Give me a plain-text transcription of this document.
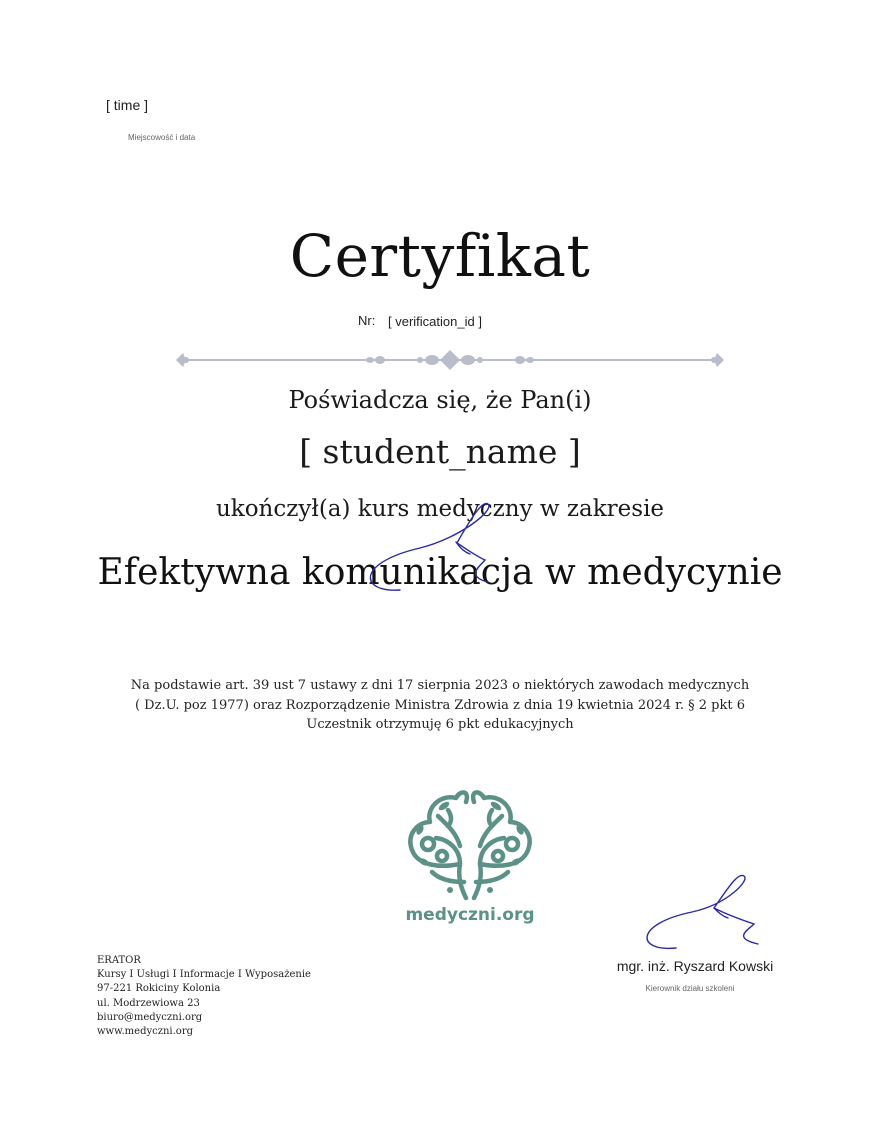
[ time ]
Miejscowość i data
Certyfikat
Nr: [ verification_id ]
Poświadcza się, że Pan(i)
[ student_name ]
ukończył(a) kurs medyczny w zakresie
Efektywna komunikacja w medycynie
Na podstawie art. 39 ust 7 ustawy z dni 17 sierpnia 2023 o niektórych zawodach medycznych
( Dz.U. poz 1977) oraz Rozporządzenie Ministra Zdrowia z dnia 19 kwietnia 2024 r. § 2 pkt 6
Uczestnik otrzymuję 6 pkt edukacyjnych
medyczni.org
ERATOR
Kursy I Usługi I Informacje I Wyposażenie
97-221 Rokiciny Kolonia
ul. Modrzewiowa 23
biuro@medyczni.org
www.medyczni.org
mgr. inż. Ryszard Kowski
Kierownik działu szkoleni
